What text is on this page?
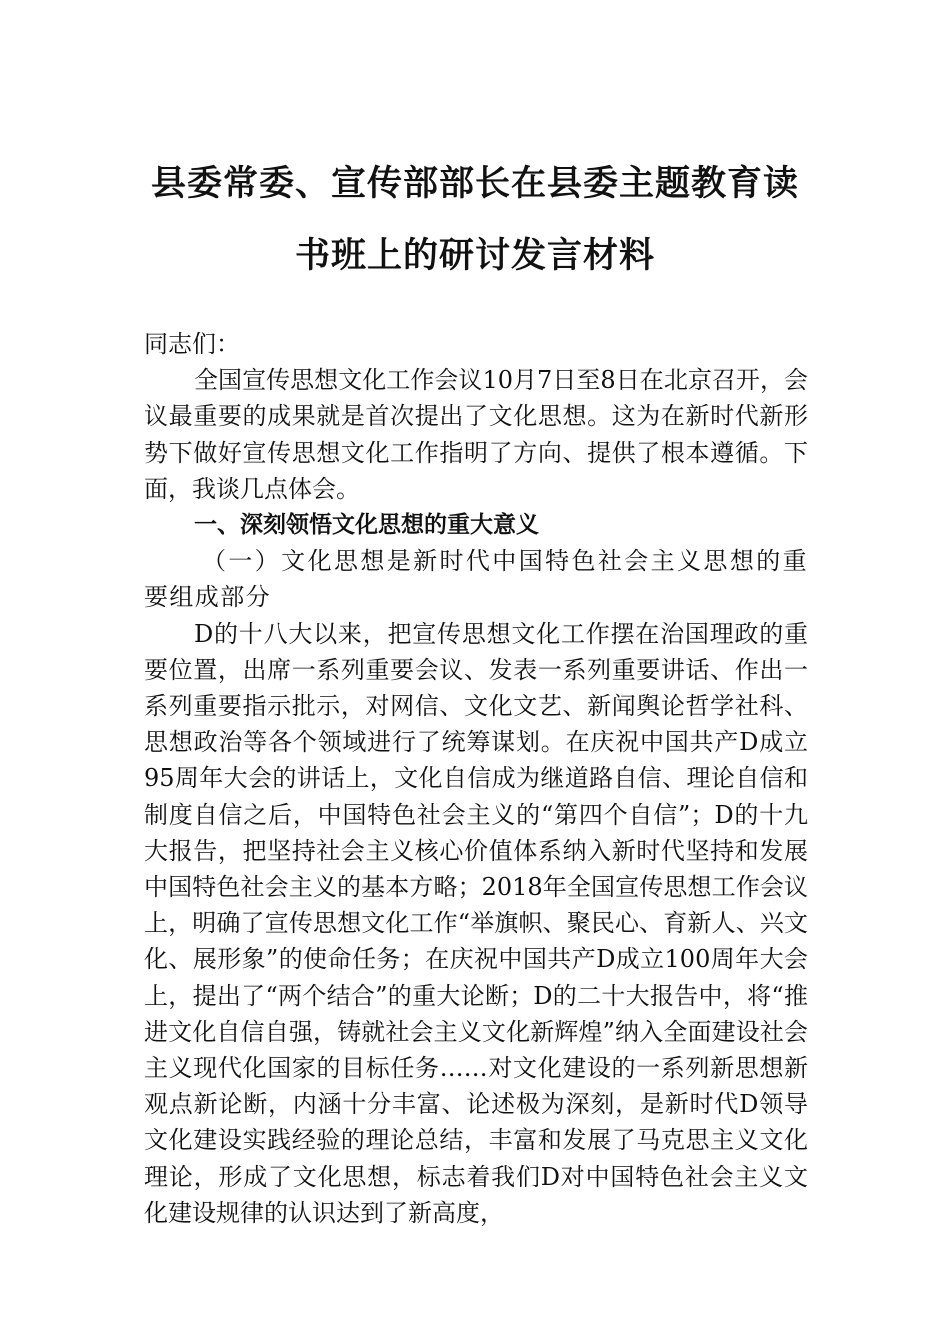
县委常委、宣传部部长在县委主题教育读
书班上的研讨发言材料

同志们：

全国宣传思想文化工作会议10月7日至8日在北京召开，会议最重要的成果就是首次提出了文化思想。这为在新时代新形势下做好宣传思想文化工作指明了方向、提供了根本遵循。下面，我谈几点体会。

一、深刻领悟文化思想的重大意义

（一）文化思想是新时代中国特色社会主义思想的重要组成部分

D的十八大以来，把宣传思想文化工作摆在治国理政的重要位置，出席一系列重要会议、发表一系列重要讲话、作出一系列重要指示批示，对网信、文化文艺、新闻舆论哲学社科、思想政治等各个领域进行了统筹谋划。在庆祝中国共产D成立95周年大会的讲话上，文化自信成为继道路自信、理论自信和制度自信之后，中国特色社会主义的“第四个自信”；D的十九大报告，把坚持社会主义核心价值体系纳入新时代坚持和发展中国特色社会主义的基本方略；2018年全国宣传思想工作会议上，明确了宣传思想文化工作“举旗帜、聚民心、育新人、兴文化、展形象”的使命任务；在庆祝中国共产D成立100周年大会上，提出了“两个结合”的重大论断；D的二十大报告中，将“推进文化自信自强，铸就社会主义文化新辉煌”纳入全面建设社会主义现代化国家的目标任务……对文化建设的一系列新思想新观点新论断，内涵十分丰富、论述极为深刻，是新时代D领导文化建设实践经验的理论总结，丰富和发展了马克思主义文化理论，形成了文化思想，标志着我们D对中国特色社会主义文化建设规律的认识达到了新高度，
